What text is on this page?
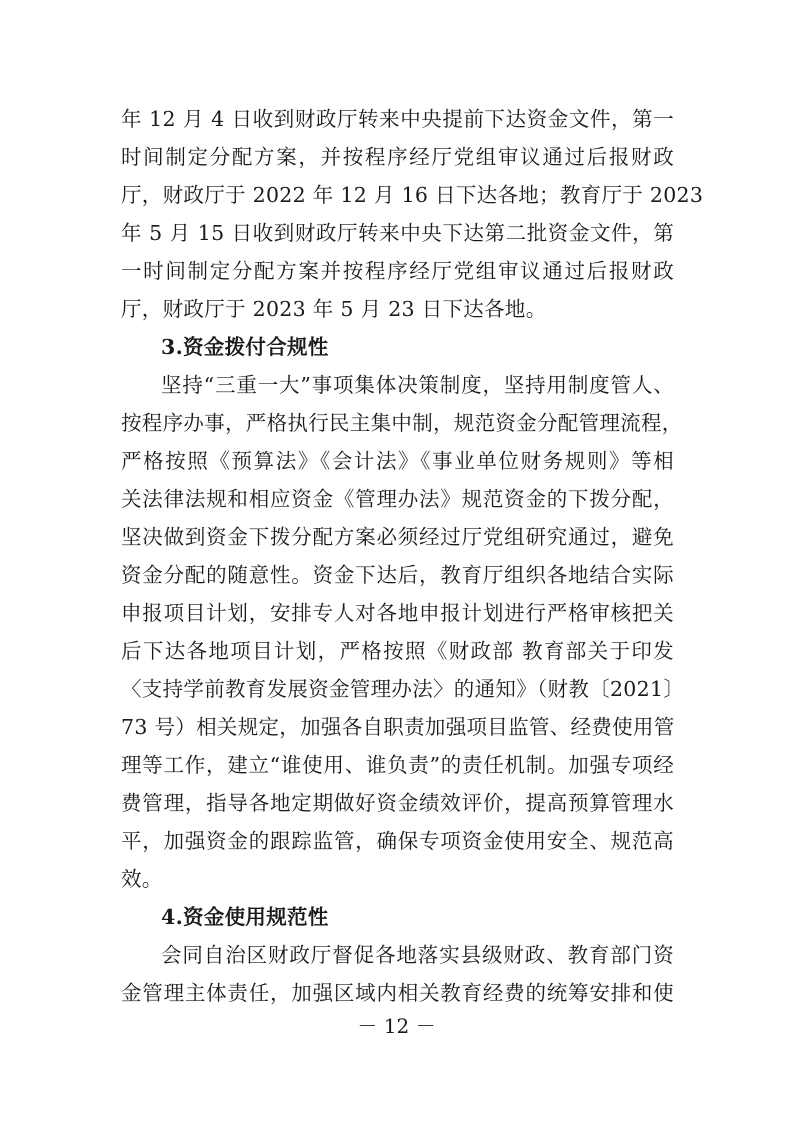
年 12 月 4 日收到财政厅转来中央提前下达资金文件，第一
时间制定分配方案，并按程序经厅党组审议通过后报财政
厅，财政厅于 2022 年 12 月 16 日下达各地；教育厅于 2023
年 5 月 15 日收到财政厅转来中央下达第二批资金文件，第
一时间制定分配方案并按程序经厅党组审议通过后报财政
厅，财政厅于 2023 年 5 月 23 日下达各地。
3.资金拨付合规性
坚持“三重一大”事项集体决策制度，坚持用制度管人、
按程序办事，严格执行民主集中制，规范资金分配管理流程，
严格按照《预算法》《会计法》《事业单位财务规则》等相
关法律法规和相应资金《管理办法》规范资金的下拨分配，
坚决做到资金下拨分配方案必须经过厅党组研究通过，避免
资金分配的随意性。资金下达后，教育厅组织各地结合实际
申报项目计划，安排专人对各地申报计划进行严格审核把关
后下达各地项目计划，严格按照《财政部 教育部关于印发
〈支持学前教育发展资金管理办法〉的通知》（财教〔2021〕
73 号）相关规定，加强各自职责加强项目监管、经费使用管
理等工作，建立“谁使用、谁负责”的责任机制。加强专项经
费管理，指导各地定期做好资金绩效评价，提高预算管理水
平，加强资金的跟踪监管，确保专项资金使用安全、规范高
效。
4.资金使用规范性
会同自治区财政厅督促各地落实县级财政、教育部门资
金管理主体责任，加强区域内相关教育经费的统筹安排和使
－ 12 －
